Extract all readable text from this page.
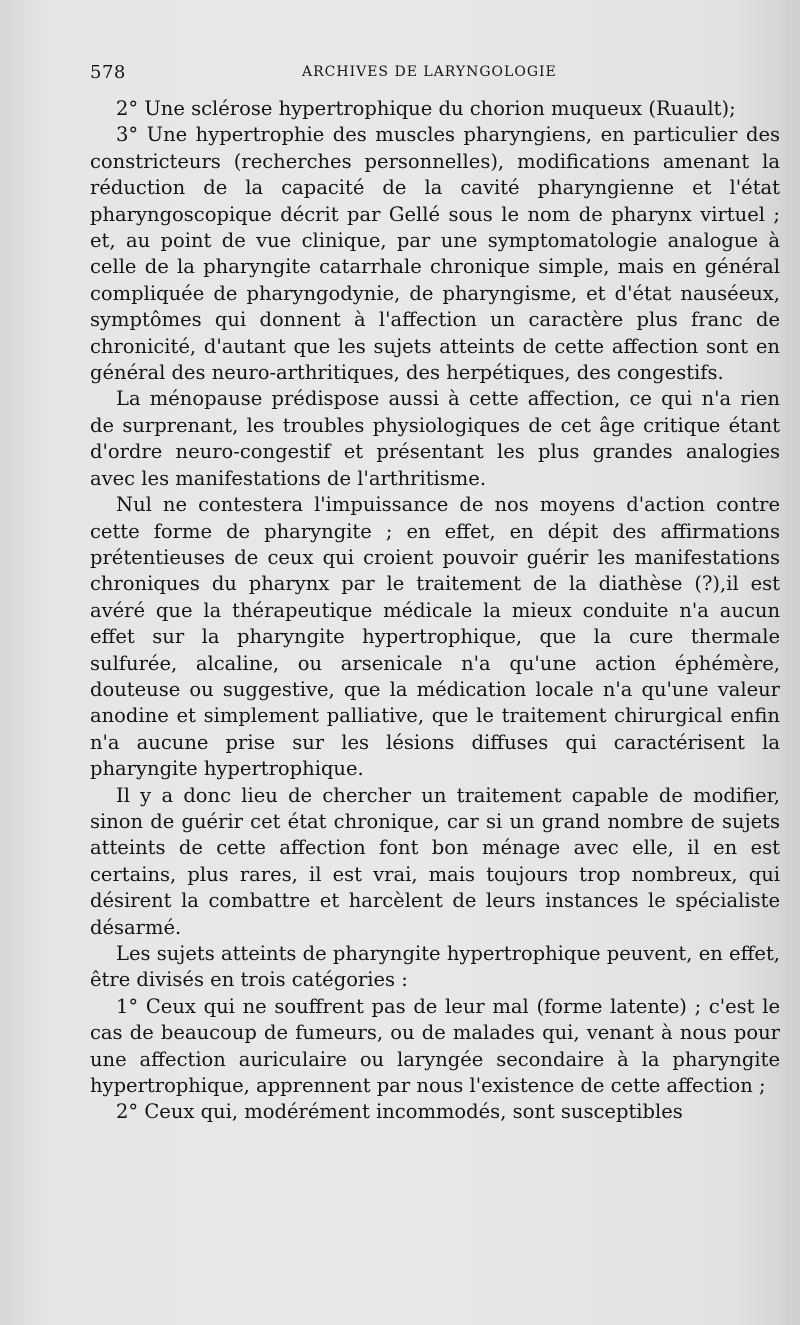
578	ARCHIVES DE LARYNGOLOGIE

2° Une sclérose hypertrophique du chorion muqueux (Ruault);

3° Une hypertrophie des muscles pharyngiens, en particulier des constricteurs (recherches personnelles), modifications amenant la réduction de la capacité de la cavité pharyngienne et l'état pharyngoscopique décrit par Gellé sous le nom de pharynx virtuel ; et, au point de vue clinique, par une symptomatologie analogue à celle de la pharyngite catarrhale chronique simple, mais en général compliquée de pharyngodynie, de pharyngisme, et d'état nauséeux, symptômes qui donnent à l'affection un caractère plus franc de chronicité, d'autant que les sujets atteints de cette affection sont en général des neuro-arthritiques, des herpétiques, des congestifs.

La ménopause prédispose aussi à cette affection, ce qui n'a rien de surprenant, les troubles physiologiques de cet âge critique étant d'ordre neuro-congestif et présentant les plus grandes analogies avec les manifestations de l'arthritisme.

Nul ne contestera l'impuissance de nos moyens d'action contre cette forme de pharyngite ; en effet, en dépit des affirmations prétentieuses de ceux qui croient pouvoir guérir les manifestations chroniques du pharynx par le traitement de la diathèse (?),il est avéré que la thérapeutique médicale la mieux conduite n'a aucun effet sur la pharyngite hypertrophique, que la cure thermale sulfurée, alcaline, ou arsenicale n'a qu'une action éphémère, douteuse ou suggestive, que la médication locale n'a qu'une valeur anodine et simplement palliative, que le traitement chirurgical enfin n'a aucune prise sur les lésions diffuses qui caractérisent la pharyngite hypertrophique.

Il y a donc lieu de chercher un traitement capable de modifier, sinon de guérir cet état chronique, car si un grand nombre de sujets atteints de cette affection font bon ménage avec elle, il en est certains, plus rares, il est vrai, mais toujours trop nombreux, qui désirent la combattre et harcèlent de leurs instances le spécialiste désarmé.

Les sujets atteints de pharyngite hypertrophique peuvent, en effet, être divisés en trois catégories :

1° Ceux qui ne souffrent pas de leur mal (forme latente) ; c'est le cas de beaucoup de fumeurs, ou de malades qui, venant à nous pour une affection auriculaire ou laryngée secondaire à la pharyngite hypertrophique, apprennent par nous l'existence de cette affection ;

2° Ceux qui, modérément incommodés, sont susceptibles
